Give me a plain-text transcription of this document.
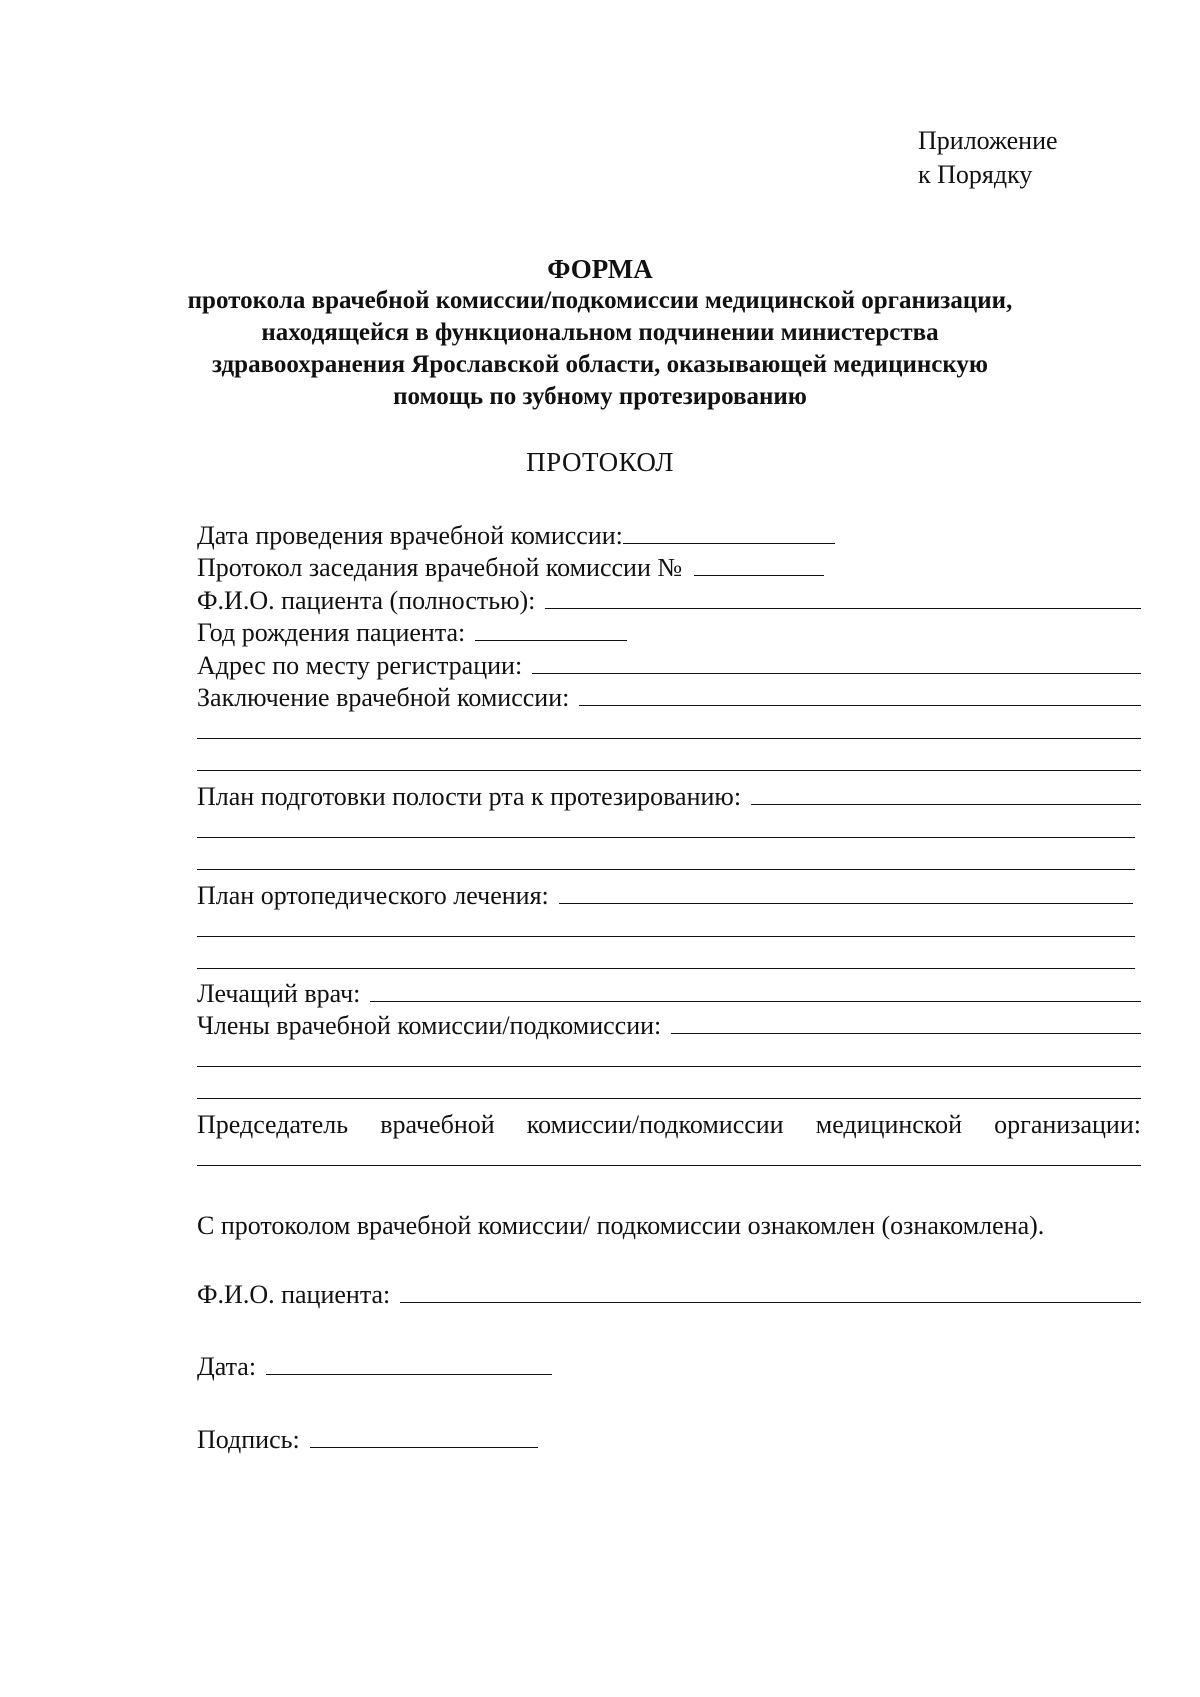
Приложение
к Порядку

ФОРМА

протокола врачебной комиссии/подкомиссии медицинской организации,

находящейся в функциональном подчинении министерства

здравоохранения Ярославской области, оказывающей медицинскую

помощь по зубному протезированию

ПРОТОКОЛ
Дата проведения врачебной комиссии:
Протокол заседания врачебной комиссии №
Ф.И.О. пациента (полностью):
Год рождения пациента:
Адрес по месту регистрации:
Заключение врачебной комиссии:
План подготовки полости рта к протезированию:
План ортопедического лечения:
Лечащий врач:
Члены врачебной комиссии/подкомиссии:
Председатель врачебной комиссии/подкомиссии медицинской организации:
С протоколом врачебной комиссии/ подкомиссии ознакомлен (ознакомлена).
Ф.И.О. пациента:
Дата:
Подпись:
